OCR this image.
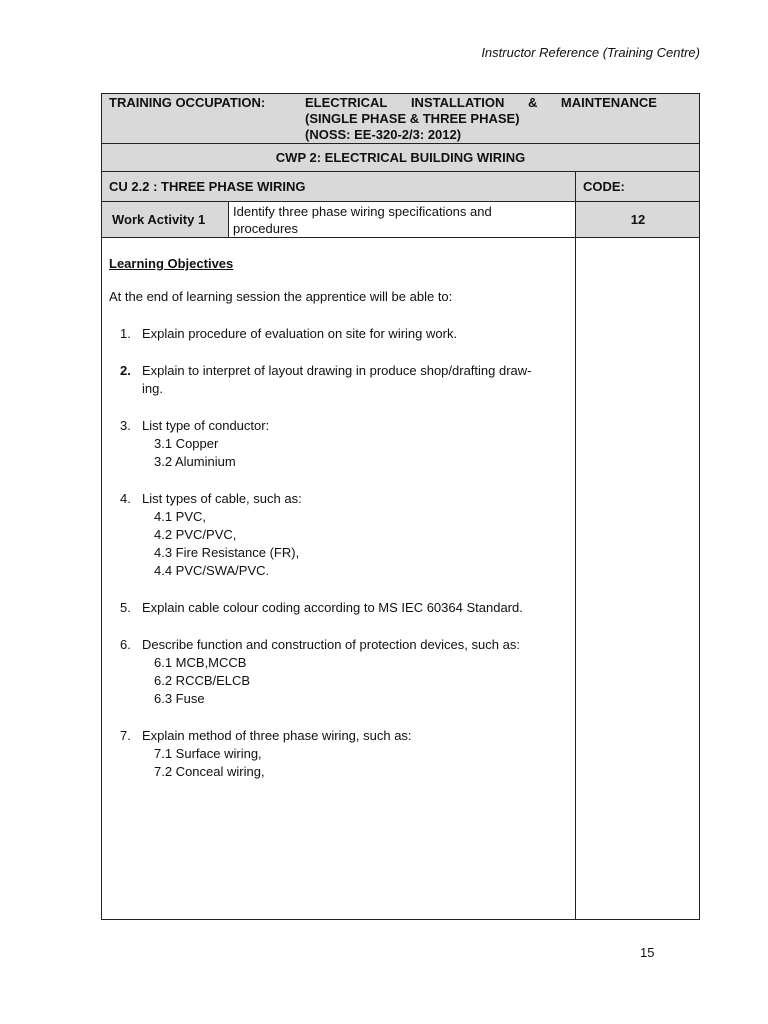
Instructor Reference (Training Centre)
TRAINING OCCUPATION:	ELECTRICAL INSTALLATION & MAINTENANCE
(SINGLE PHASE & THREE PHASE)
(NOSS: EE-320-2/3: 2012)
CWP 2: ELECTRICAL BUILDING WIRING
CU 2.2 : THREE PHASE WIRING	CODE:
Work Activity 1
Identify three phase wiring specifications and
procedures
12
Learning Objectives
At the end of learning session the apprentice will be able to:
1. Explain procedure of evaluation on site for wiring work.
2. Explain to interpret of layout drawing in produce shop/drafting draw-
ing.
3. List type of conductor:
3.1 Copper
3.2 Aluminium
4. List types of cable, such as:
4.1 PVC,
4.2 PVC/PVC,
4.3 Fire Resistance (FR),
4.4 PVC/SWA/PVC.
5. Explain cable colour coding according to MS IEC 60364 Standard.
6. Describe function and construction of protection devices, such as:
6.1 MCB,MCCB
6.2 RCCB/ELCB
6.3 Fuse
7. Explain method of three phase wiring, such as:
7.1 Surface wiring,
7.2 Conceal wiring,
15
